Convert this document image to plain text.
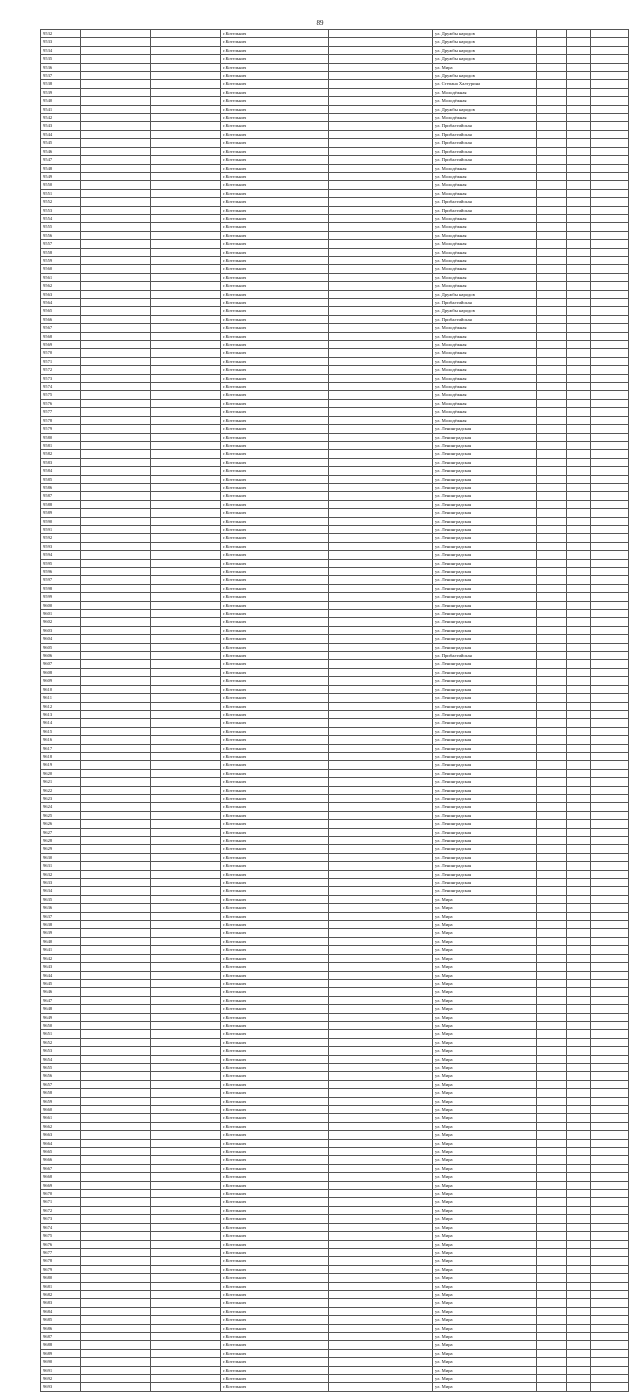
89
9532			г.Котельнич		ул. Дружбы народов			
9533			г.Котельнич		ул. Дружбы народов			
9534			г.Котельнич		ул. Дружбы народов			
9535			г.Котельнич		ул. Дружбы народов			
9536			г.Котельнич		ул. Мира			
9537			г.Котельнич		ул. Дружбы народов			
9538			г.Котельнич		ул. Степана Халтурина			
9539			г.Котельнич		ул. Молодёжная			
9540			г.Котельнич		ул. Молодёжная			
9541			г.Котельнич		ул. Дружбы народов			
9542			г.Котельнич		ул. Молодёжная			
9543			г.Котельнич		ул. Прибалтийская			
9544			г.Котельнич		ул. Прибалтийская			
9545			г.Котельнич		ул. Прибалтийская			
9546			г.Котельнич		ул. Прибалтийская			
9547			г.Котельнич		ул. Прибалтийская			
9548			г.Котельнич		ул. Молодёжная			
9549			г.Котельнич		ул. Молодёжная			
9550			г.Котельнич		ул. Молодёжная			
9551			г.Котельнич		ул. Молодёжная			
9552			г.Котельнич		ул. Прибалтийская			
9553			г.Котельнич		ул. Прибалтийская			
9554			г.Котельнич		ул. Молодёжная			
9555			г.Котельнич		ул. Молодёжная			
9556			г.Котельнич		ул. Молодёжная			
9557			г.Котельнич		ул. Молодёжная			
9558			г.Котельнич		ул. Молодёжная			
9559			г.Котельнич		ул. Молодёжная			
9560			г.Котельнич		ул. Молодёжная			
9561			г.Котельнич		ул. Молодёжная			
9562			г.Котельнич		ул. Молодёжная			
9563			г.Котельнич		ул. Дружбы народов			
9564			г.Котельнич		ул. Прибалтийская			
9565			г.Котельнич		ул. Дружбы народов			
9566			г.Котельнич		ул. Прибалтийская			
9567			г.Котельнич		ул. Молодёжная			
9568			г.Котельнич		ул. Молодёжная			
9569			г.Котельнич		ул. Молодёжная			
9570			г.Котельнич		ул. Молодёжная			
9571			г.Котельнич		ул. Молодёжная			
9572			г.Котельнич		ул. Молодёжная			
9573			г.Котельнич		ул. Молодёжная			
9574			г.Котельнич		ул. Молодёжная			
9575			г.Котельнич		ул. Молодёжная			
9576			г.Котельнич		ул. Молодёжная			
9577			г.Котельнич		ул. Молодёжная			
9578			г.Котельнич		ул. Молодёжная			
9579			г.Котельнич		ул. Ленинградская			
9580			г.Котельнич		ул. Ленинградская			
9581			г.Котельнич		ул. Ленинградская			
9582			г.Котельнич		ул. Ленинградская			
9583			г.Котельнич		ул. Ленинградская			
9584			г.Котельнич		ул. Ленинградская			
9585			г.Котельнич		ул. Ленинградская			
9586			г.Котельнич		ул. Ленинградская			
9587			г.Котельнич		ул. Ленинградская			
9588			г.Котельнич		ул. Ленинградская			
9589			г.Котельнич		ул. Ленинградская			
9590			г.Котельнич		ул. Ленинградская			
9591			г.Котельнич		ул. Ленинградская			
9592			г.Котельнич		ул. Ленинградская			
9593			г.Котельнич		ул. Ленинградская			
9594			г.Котельнич		ул. Ленинградская			
9595			г.Котельнич		ул. Ленинградская			
9596			г.Котельнич		ул. Ленинградская			
9597			г.Котельнич		ул. Ленинградская			
9598			г.Котельнич		ул. Ленинградская			
9599			г.Котельнич		ул. Ленинградская			
9600			г.Котельнич		ул. Ленинградская			
9601			г.Котельнич		ул. Ленинградская			
9602			г.Котельнич		ул. Ленинградская			
9603			г.Котельнич		ул. Ленинградская			
9604			г.Котельнич		ул. Ленинградская			
9605			г.Котельнич		ул. Ленинградская			
9606			г.Котельнич		ул. Прибалтийская			
9607			г.Котельнич		ул. Ленинградская			
9608			г.Котельнич		ул. Ленинградская			
9609			г.Котельнич		ул. Ленинградская			
9610			г.Котельнич		ул. Ленинградская			
9611			г.Котельнич		ул. Ленинградская			
9612			г.Котельнич		ул. Ленинградская			
9613			г.Котельнич		ул. Ленинградская			
9614			г.Котельнич		ул. Ленинградская			
9615			г.Котельнич		ул. Ленинградская			
9616			г.Котельнич		ул. Ленинградская			
9617			г.Котельнич		ул. Ленинградская			
9618			г.Котельнич		ул. Ленинградская			
9619			г.Котельнич		ул. Ленинградская			
9620			г.Котельнич		ул. Ленинградская			
9621			г.Котельнич		ул. Ленинградская			
9622			г.Котельнич		ул. Ленинградская			
9623			г.Котельнич		ул. Ленинградская			
9624			г.Котельнич		ул. Ленинградская			
9625			г.Котельнич		ул. Ленинградская			
9626			г.Котельнич		ул. Ленинградская			
9627			г.Котельнич		ул. Ленинградская			
9628			г.Котельнич		ул. Ленинградская			
9629			г.Котельнич		ул. Ленинградская			
9630			г.Котельнич		ул. Ленинградская			
9631			г.Котельнич		ул. Ленинградская			
9632			г.Котельнич		ул. Ленинградская			
9633			г.Котельнич		ул. Ленинградская			
9634			г.Котельнич		ул. Ленинградская			
9635			г.Котельнич		ул. Мира			
9636			г.Котельнич		ул. Мира			
9637			г.Котельнич		ул. Мира			
9638			г.Котельнич		ул. Мира			
9639			г.Котельнич		ул. Мира			
9640			г.Котельнич		ул. Мира			
9641			г.Котельнич		ул. Мира			
9642			г.Котельнич		ул. Мира			
9643			г.Котельнич		ул. Мира			
9644			г.Котельнич		ул. Мира			
9645			г.Котельнич		ул. Мира			
9646			г.Котельнич		ул. Мира			
9647			г.Котельнич		ул. Мира			
9648			г.Котельнич		ул. Мира			
9649			г.Котельнич		ул. Мира			
9650			г.Котельнич		ул. Мира			
9651			г.Котельнич		ул. Мира			
9652			г.Котельнич		ул. Мира			
9653			г.Котельнич		ул. Мира			
9654			г.Котельнич		ул. Мира			
9655			г.Котельнич		ул. Мира			
9656			г.Котельнич		ул. Мира			
9657			г.Котельнич		ул. Мира			
9658			г.Котельнич		ул. Мира			
9659			г.Котельнич		ул. Мира			
9660			г.Котельнич		ул. Мира			
9661			г.Котельнич		ул. Мира			
9662			г.Котельнич		ул. Мира			
9663			г.Котельнич		ул. Мира			
9664			г.Котельнич		ул. Мира			
9665			г.Котельнич		ул. Мира			
9666			г.Котельнич		ул. Мира			
9667			г.Котельнич		ул. Мира			
9668			г.Котельнич		ул. Мира			
9669			г.Котельнич		ул. Мира			
9670			г.Котельнич		ул. Мира			
9671			г.Котельнич		ул. Мира			
9672			г.Котельнич		ул. Мира			
9673			г.Котельнич		ул. Мира			
9674			г.Котельнич		ул. Мира			
9675			г.Котельнич		ул. Мира			
9676			г.Котельнич		ул. Мира			
9677			г.Котельнич		ул. Мира			
9678			г.Котельнич		ул. Мира			
9679			г.Котельнич		ул. Мира			
9680			г.Котельнич		ул. Мира			
9681			г.Котельнич		ул. Мира			
9682			г.Котельнич		ул. Мира			
9683			г.Котельнич		ул. Мира			
9684			г.Котельнич		ул. Мира			
9685			г.Котельнич		ул. Мира			
9686			г.Котельнич		ул. Мира			
9687			г.Котельнич		ул. Мира			
9688			г.Котельнич		ул. Мира			
9689			г.Котельнич		ул. Мира			
9690			г.Котельнич		ул. Мира			
9691			г.Котельнич		ул. Мира			
9692			г.Котельнич		ул. Мира			
9693			г.Котельнич		ул. Мира			
